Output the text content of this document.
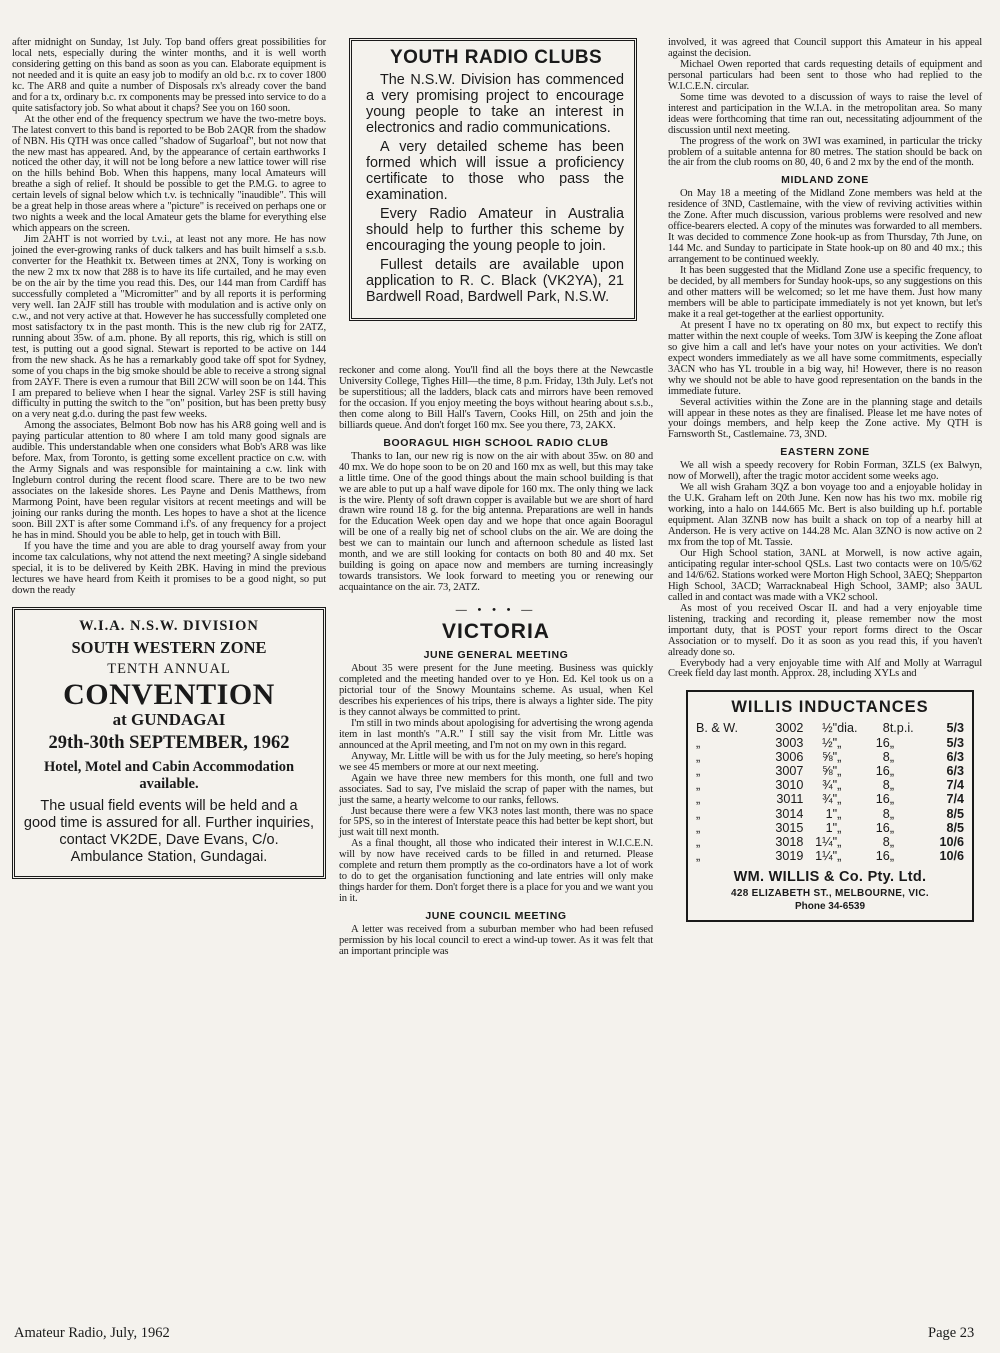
after midnight on Sunday, 1st July. Top band offers great possibilities for local nets, especially during the winter months, and it is well worth considering getting on this band as soon as you can. Elaborate equipment is not needed and it is quite an easy job to modify an old b.c. rx to cover 1800 kc. The AR8 and quite a number of Disposals rx's already cover the band and for a tx, ordinary b.c. rx components may be pressed into service to do a quite satisfactory job. So what about it chaps? See you on 160 soon.

At the other end of the frequency spectrum we have the two-metre boys. The latest convert to this band is reported to be Bob 2AQR from the shadow of NBN. His QTH was once called "shadow of Sugarloaf", but not now that the new mast has appeared. And, by the appearance of certain earthworks I noticed the other day, it will not be long before a new lattice tower will rise on the hills behind Bob. When this happens, many local Amateurs will breathe a sigh of relief. It should be possible to get the P.M.G. to agree to certain levels of signal below which t.v. is technically "inaudible". This will be a great help in those areas where a "picture" is received on perhaps one or two nights a week and the local Amateur gets the blame for everything else which appears on the screen.

Jim 2AHT is not worried by t.v.i., at least not any more. He has now joined the ever-growing ranks of duck talkers and has built himself a s.s.b. converter for the Heathkit tx. Between times at 2NX, Tony is working on the new 2 mx tx now that 288 is to have its life curtailed, and he may even be on the air by the time you read this. Des, our 144 man from Cardiff has successfully completed a "Micromitter" and by all reports it is performing very well. Ian 2AJF still has trouble with modulation and is active only on c.w., and not very active at that. However he has successfully completed one most satisfactory tx in the past month. This is the new club rig for 2ATZ, running about 35w. of a.m. phone. By all reports, this rig, which is still on test, is putting out a good signal. Stewart is reported to be active on 144 from the new shack. As he has a remarkably good take off spot for Sydney, some of you chaps in the big smoke should be able to receive a strong signal from 2AYF. There is even a rumour that Bill 2CW will soon be on 144. This I am prepared to believe when I hear the signal. Varley 2SF is still having difficulty in putting the switch to the "on" position, but has been pretty busy on a very neat g.d.o. during the past few weeks.

Among the associates, Belmont Bob now has his AR8 going well and is paying particular attention to 80 where I am told many good signals are audible. This understandable when one considers what Bob's AR8 was like before. Max, from Toronto, is getting some excellent practice on c.w. with the Army Signals and was responsible for maintaining a c.w. link with Ingleburn control during the recent flood scare. There are to be two new associates on the lakeside shores. Les Payne and Denis Matthews, from Marmong Point, have been regular visitors at recent meetings and will be joining our ranks during the month. Les hopes to have a shot at the licence soon. Bill 2XT is after some Command i.f's. of any frequency for a project he has in mind. Should you be able to help, get in touch with Bill.

If you have the time and you are able to drag yourself away from your income tax calculations, why not attend the next meeting? A single sideband special, it is to be delivered by Keith 2BK. Having in mind the previous lectures we have heard from Keith it promises to be a good night, so put down the ready

W.I.A. N.S.W. DIVISION
SOUTH WESTERN ZONE
TENTH ANNUAL
CONVENTION
at GUNDAGAI
29th-30th SEPTEMBER, 1962
Hotel, Motel and Cabin Accommodation available.
The usual field events will be held and a good time is assured for all. Further inquiries, contact VK2DE, Dave Evans, C/o. Ambulance Station, Gundagai.
YOUTH RADIO CLUBS

The N.S.W. Division has commenced a very promising project to encourage young people to take an interest in electronics and radio communications.

A very detailed scheme has been formed which will issue a proficiency certificate to those who pass the examination.

Every Radio Amateur in Australia should help to further this scheme by encouraging the young people to join.

Fullest details are available upon application to R. C. Black (VK2YA), 21 Bardwell Road, Bardwell Park, N.S.W.

reckoner and come along. You'll find all the boys there at the Newcastle University College, Tighes Hill—the time, 8 p.m. Friday, 13th July. Let's not be superstitious; all the ladders, black cats and mirrors have been removed for the occasion. If you enjoy meeting the boys without hearing about s.s.b., then come along to Bill Hall's Tavern, Cooks Hill, on 25th and join the billiards queue. And don't forget 160 mx. See you there, 73, 2AKX.

BOORAGUL HIGH SCHOOL RADIO CLUB

Thanks to Ian, our new rig is now on the air with about 35w. on 80 and 40 mx. We do hope soon to be on 20 and 160 mx as well, but this may take a little time. One of the good things about the main school building is that we are able to put up a half wave dipole for 160 mx. The only thing we lack is the wire. Plenty of soft drawn copper is available but we are short of hard drawn wire round 18 g. for the big antenna. Preparations are well in hands for the Education Week open day and we hope that once again Booragul will be one of a really big net of school clubs on the air. We are doing the best we can to maintain our lunch and afternoon schedule as listed last month, and we are still looking for contacts on both 80 and 40 mx. Set building is going on apace now and members are turning increasingly towards transistors. We look forward to meeting you or renewing our acquaintance on the air. 73, 2ATZ.

— • • • —
VICTORIA
JUNE GENERAL MEETING

About 35 were present for the June meeting. Business was quickly completed and the meeting handed over to ye Hon. Ed. Kel took us on a pictorial tour of the Snowy Mountains scheme. As usual, when Kel describes his experiences of his trips, there is always a lighter side. The pity is they cannot always be committed to print.

I'm still in two minds about apologising for advertising the wrong agenda item in last month's "A.R." I still say the visit from Mr. Little was announced at the April meeting, and I'm not on my own in this regard.

Anyway, Mr. Little will be with us for the July meeting, so here's hoping we see 45 members or more at our next meeting.

Again we have three new members for this month, one full and two associates. Sad to say, I've mislaid the scrap of paper with the names, but just the same, a hearty welcome to our ranks, fellows.

Just because there were a few VK3 notes last month, there was no space for 5PS, so in the interest of Interstate peace this had better be kept short, but just wait till next month.

As a final thought, all those who indicated their interest in W.I.C.E.N. will by now have received cards to be filled in and returned. Please complete and return them promptly as the co-ordinators have a lot of work to do to get the organisation functioning and late entries will only make things harder for them. Don't forget there is a place for you and we want you in it.

JUNE COUNCIL MEETING

A letter was received from a suburban member who had been refused permission by his local council to erect a wind-up tower. As it was felt that an important principle was

involved, it was agreed that Council support this Amateur in his appeal against the decision.

Michael Owen reported that cards requesting details of equipment and personal particulars had been sent to those who had replied to the W.I.C.E.N. circular.

Some time was devoted to a discussion of ways to raise the level of interest and participation in the W.I.A. in the metropolitan area. So many ideas were forthcoming that time ran out, necessitating adjournment of the discussion until next meeting.

The progress of the work on 3WI was examined, in particular the tricky problem of a suitable antenna for 80 metres. The station should be back on the air from the club rooms on 80, 40, 6 and 2 mx by the end of the month.

MIDLAND ZONE

On May 18 a meeting of the Midland Zone members was held at the residence of 3ND, Castlemaine, with the view of reviving activities within the Zone. After much discussion, various problems were resolved and new office-bearers elected. A copy of the minutes was forwarded to all members. It was decided to commence Zone hook-up as from Thursday, 7th June, on 144 Mc. and Sunday to participate in State hook-up on 80 and 40 mx.; this arrangement to be continued weekly.

It has been suggested that the Midland Zone use a specific frequency, to be decided, by all members for Sunday hook-ups, so any suggestions on this and other matters will be welcomed; so let me have them. Just how many members will be able to participate immediately is not yet known, but let's make it a real get-together at the earliest opportunity.

At present I have no tx operating on 80 mx, but expect to rectify this matter within the next couple of weeks. Tom 3JW is keeping the Zone afloat so give him a call and let's have your notes on your activities. We don't expect wonders immediately as we all have some commitments, especially 3ACN who has YL trouble in a big way, hi! However, there is no reason why we should not be able to have good representation on the bands in the immediate future.

Several activities within the Zone are in the planning stage and details will appear in these notes as they are finalised. Please let me have notes of your doings members, and help keep the Zone active. My QTH is Farnsworth St., Castlemaine. 73, 3ND.

EASTERN ZONE

We all wish a speedy recovery for Robin Forman, 3ZLS (ex Balwyn, now of Morwell), after the tragic motor accident some weeks ago.

We all wish Graham 3QZ a bon voyage too and a enjoyable holiday in the U.K. Graham left on 20th June. Ken now has his two mx. mobile rig working, into a halo on 144.665 Mc. Bert is also building up h.f. portable equipment. Alan 3ZNB now has built a shack on top of a nearby hill at Anderson. He is very active on 144.28 Mc. Alan 3ZNO is now active on 2 mx from the top of Mt. Tassie.

Our High School station, 3ANL at Morwell, is now active again, anticipating regular inter-school QSLs. Last two contacts were on 10/5/62 and 14/6/62. Stations worked were Morton High School, 3AEQ; Shepparton High School, 3ACD; Warracknabeal High School, 3AMP; also 3AUL called in and contact was made with a VK2 school.

As most of you received Oscar II. and had a very enjoyable time listening, tracking and recording it, please remember now the most important duty, that is POST your report forms direct to the Oscar Association or to myself. Do it as soon as you read this, if you haven't already done so.

Everybody had a very enjoyable time with Alf and Molly at Warragul Creek field day last month. Approx. 28, including XYLs and

WILLIS INDUCTANCES
B. & W.	3002	½"	dia.	8	t.p.i.	5/3
„	3003	½"	„	16	„	5/3
„	3006	⅝"	„	8	„	6/3
„	3007	⅝"	„	16	„	6/3
„	3010	¾"	„	8	„	7/4
„	3011	¾"	„	16	„	7/4
„	3014	1"	„	8	„	8/5
„	3015	1"	„	16	„	8/5
„	3018	1¼"	„	8	„	10/6
„	3019	1¼"	„	16	„	10/6
WM. WILLIS & Co. Pty. Ltd.
428 ELIZABETH ST., MELBOURNE, VIC.
Phone 34-6539
Amateur Radio, July, 1962	Page 23
